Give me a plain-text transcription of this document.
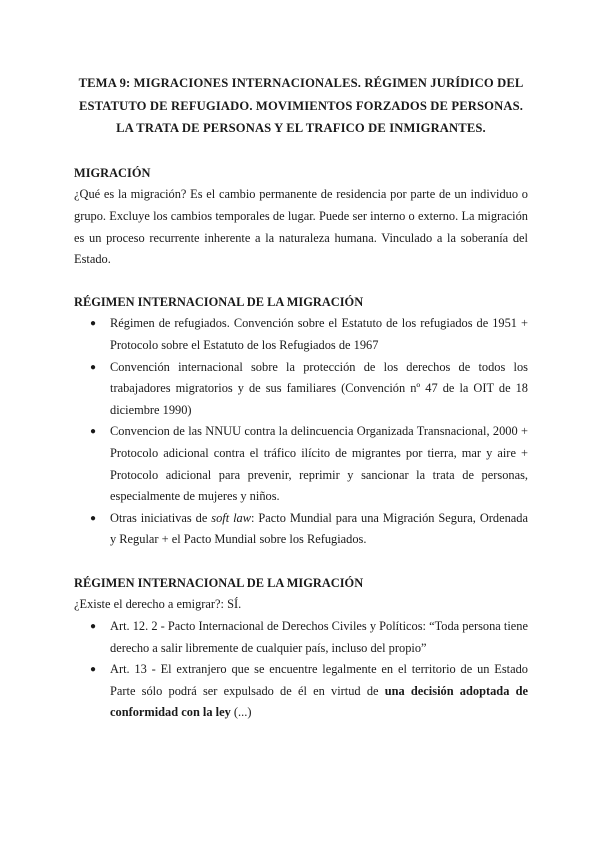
TEMA 9: MIGRACIONES INTERNACIONALES. RÉGIMEN JURÍDICO DEL ESTATUTO DE REFUGIADO. MOVIMIENTOS FORZADOS DE PERSONAS. LA TRATA DE PERSONAS Y EL TRAFICO DE INMIGRANTES.
MIGRACIÓN

¿Qué es la migración? Es el cambio permanente de residencia por parte de un individuo o grupo. Excluye los cambios temporales de lugar. Puede ser interno o externo. La migración es un proceso recurrente inherente a la naturaleza humana. Vinculado a la soberanía del Estado.

RÉGIMEN INTERNACIONAL DE LA MIGRACIÓN
● Régimen de refugiados. Convención sobre el Estatuto de los refugiados de 1951 + Protocolo sobre el Estatuto de los Refugiados de 1967
● Convención internacional sobre la protección de los derechos de todos los trabajadores migratorios y de sus familiares (Convención nº 47 de la OIT de 18 diciembre 1990)
● Convencion de las NNUU contra la delincuencia Organizada Transnacional, 2000 + Protocolo adicional contra el tráfico ilícito de migrantes por tierra, mar y aire + Protocolo adicional para prevenir, reprimir y sancionar la trata de personas, especialmente de mujeres y niños.
● Otras iniciativas de soft law: Pacto Mundial para una Migración Segura, Ordenada y Regular + el Pacto Mundial sobre los Refugiados.
RÉGIMEN INTERNACIONAL DE LA MIGRACIÓN

¿Existe el derecho a emigrar?: SÍ.

● Art. 12. 2 - Pacto Internacional de Derechos Civiles y Políticos: “Toda persona tiene derecho a salir libremente de cualquier país, incluso del propio”
● Art. 13 - El extranjero que se encuentre legalmente en el territorio de un Estado Parte sólo podrá ser expulsado de él en virtud de una decisión adoptada de conformidad con la ley (...)
